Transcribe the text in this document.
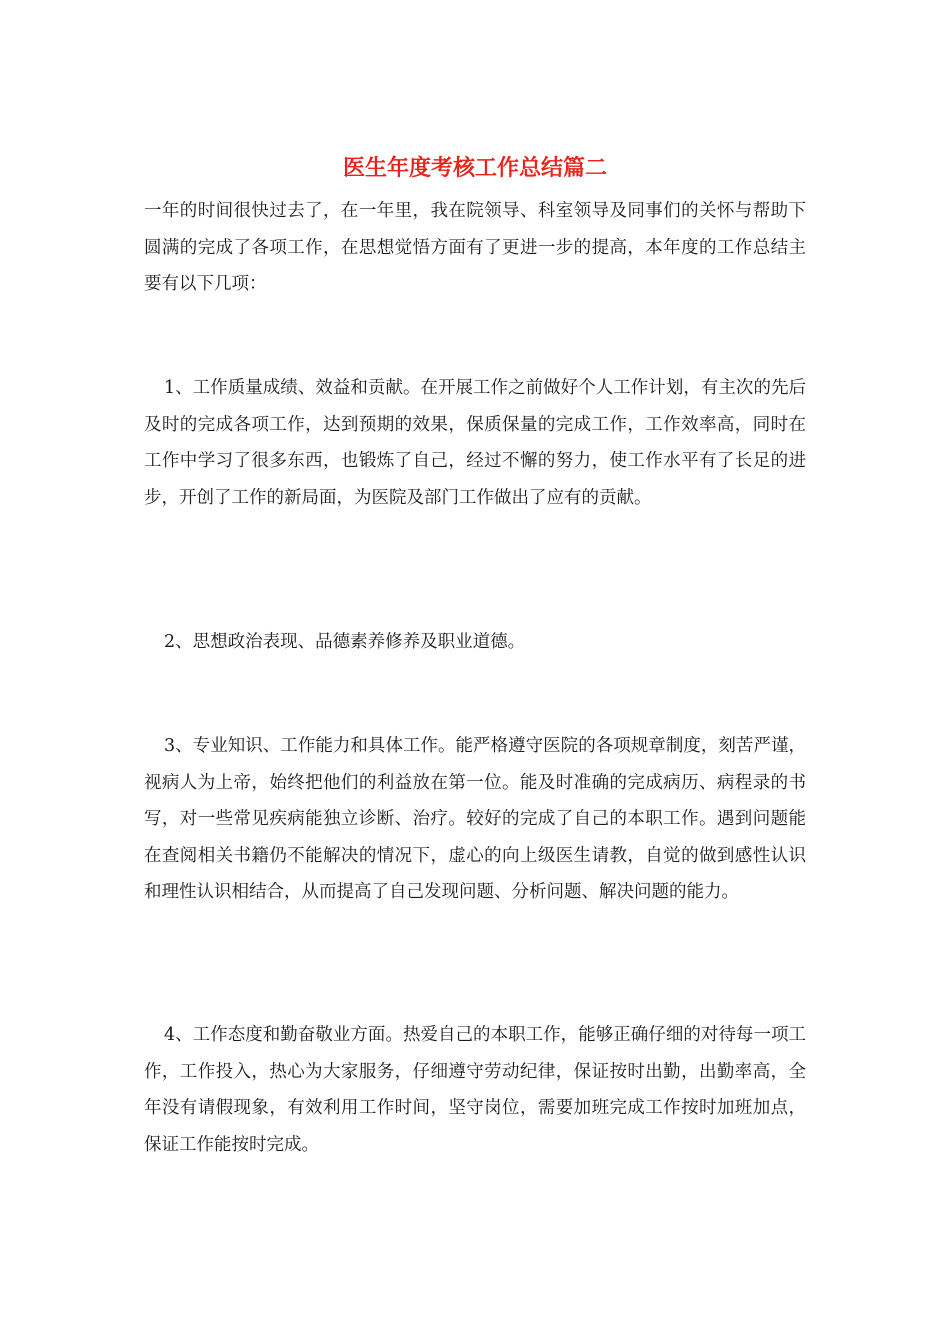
医生年度考核工作总结篇二

一年的时间很快过去了，在一年里，我在院领导、科室领导及同事们的关怀与帮助下圆满的完成了各项工作，在思想觉悟方面有了更进一步的提高，本年度的工作总结主要有以下几项：

1、工作质量成绩、效益和贡献。在开展工作之前做好个人工作计划，有主次的先后及时的完成各项工作，达到预期的效果，保质保量的完成工作，工作效率高，同时在工作中学习了很多东西，也锻炼了自己，经过不懈的努力，使工作水平有了长足的进步，开创了工作的新局面，为医院及部门工作做出了应有的贡献。

2、思想政治表现、品德素养修养及职业道德。

3、专业知识、工作能力和具体工作。能严格遵守医院的各项规章制度，刻苦严谨，视病人为上帝，始终把他们的利益放在第一位。能及时准确的完成病历、病程录的书写，对一些常见疾病能独立诊断、治疗。较好的完成了自己的本职工作。遇到问题能在查阅相关书籍仍不能解决的情况下，虚心的向上级医生请教，自觉的做到感性认识和理性认识相结合，从而提高了自己发现问题、分析问题、解决问题的能力。

4、工作态度和勤奋敬业方面。热爱自己的本职工作，能够正确仔细的对待每一项工作，工作投入，热心为大家服务，仔细遵守劳动纪律，保证按时出勤，出勤率高，全年没有请假现象，有效利用工作时间，坚守岗位，需要加班完成工作按时加班加点，保证工作能按时完成。
